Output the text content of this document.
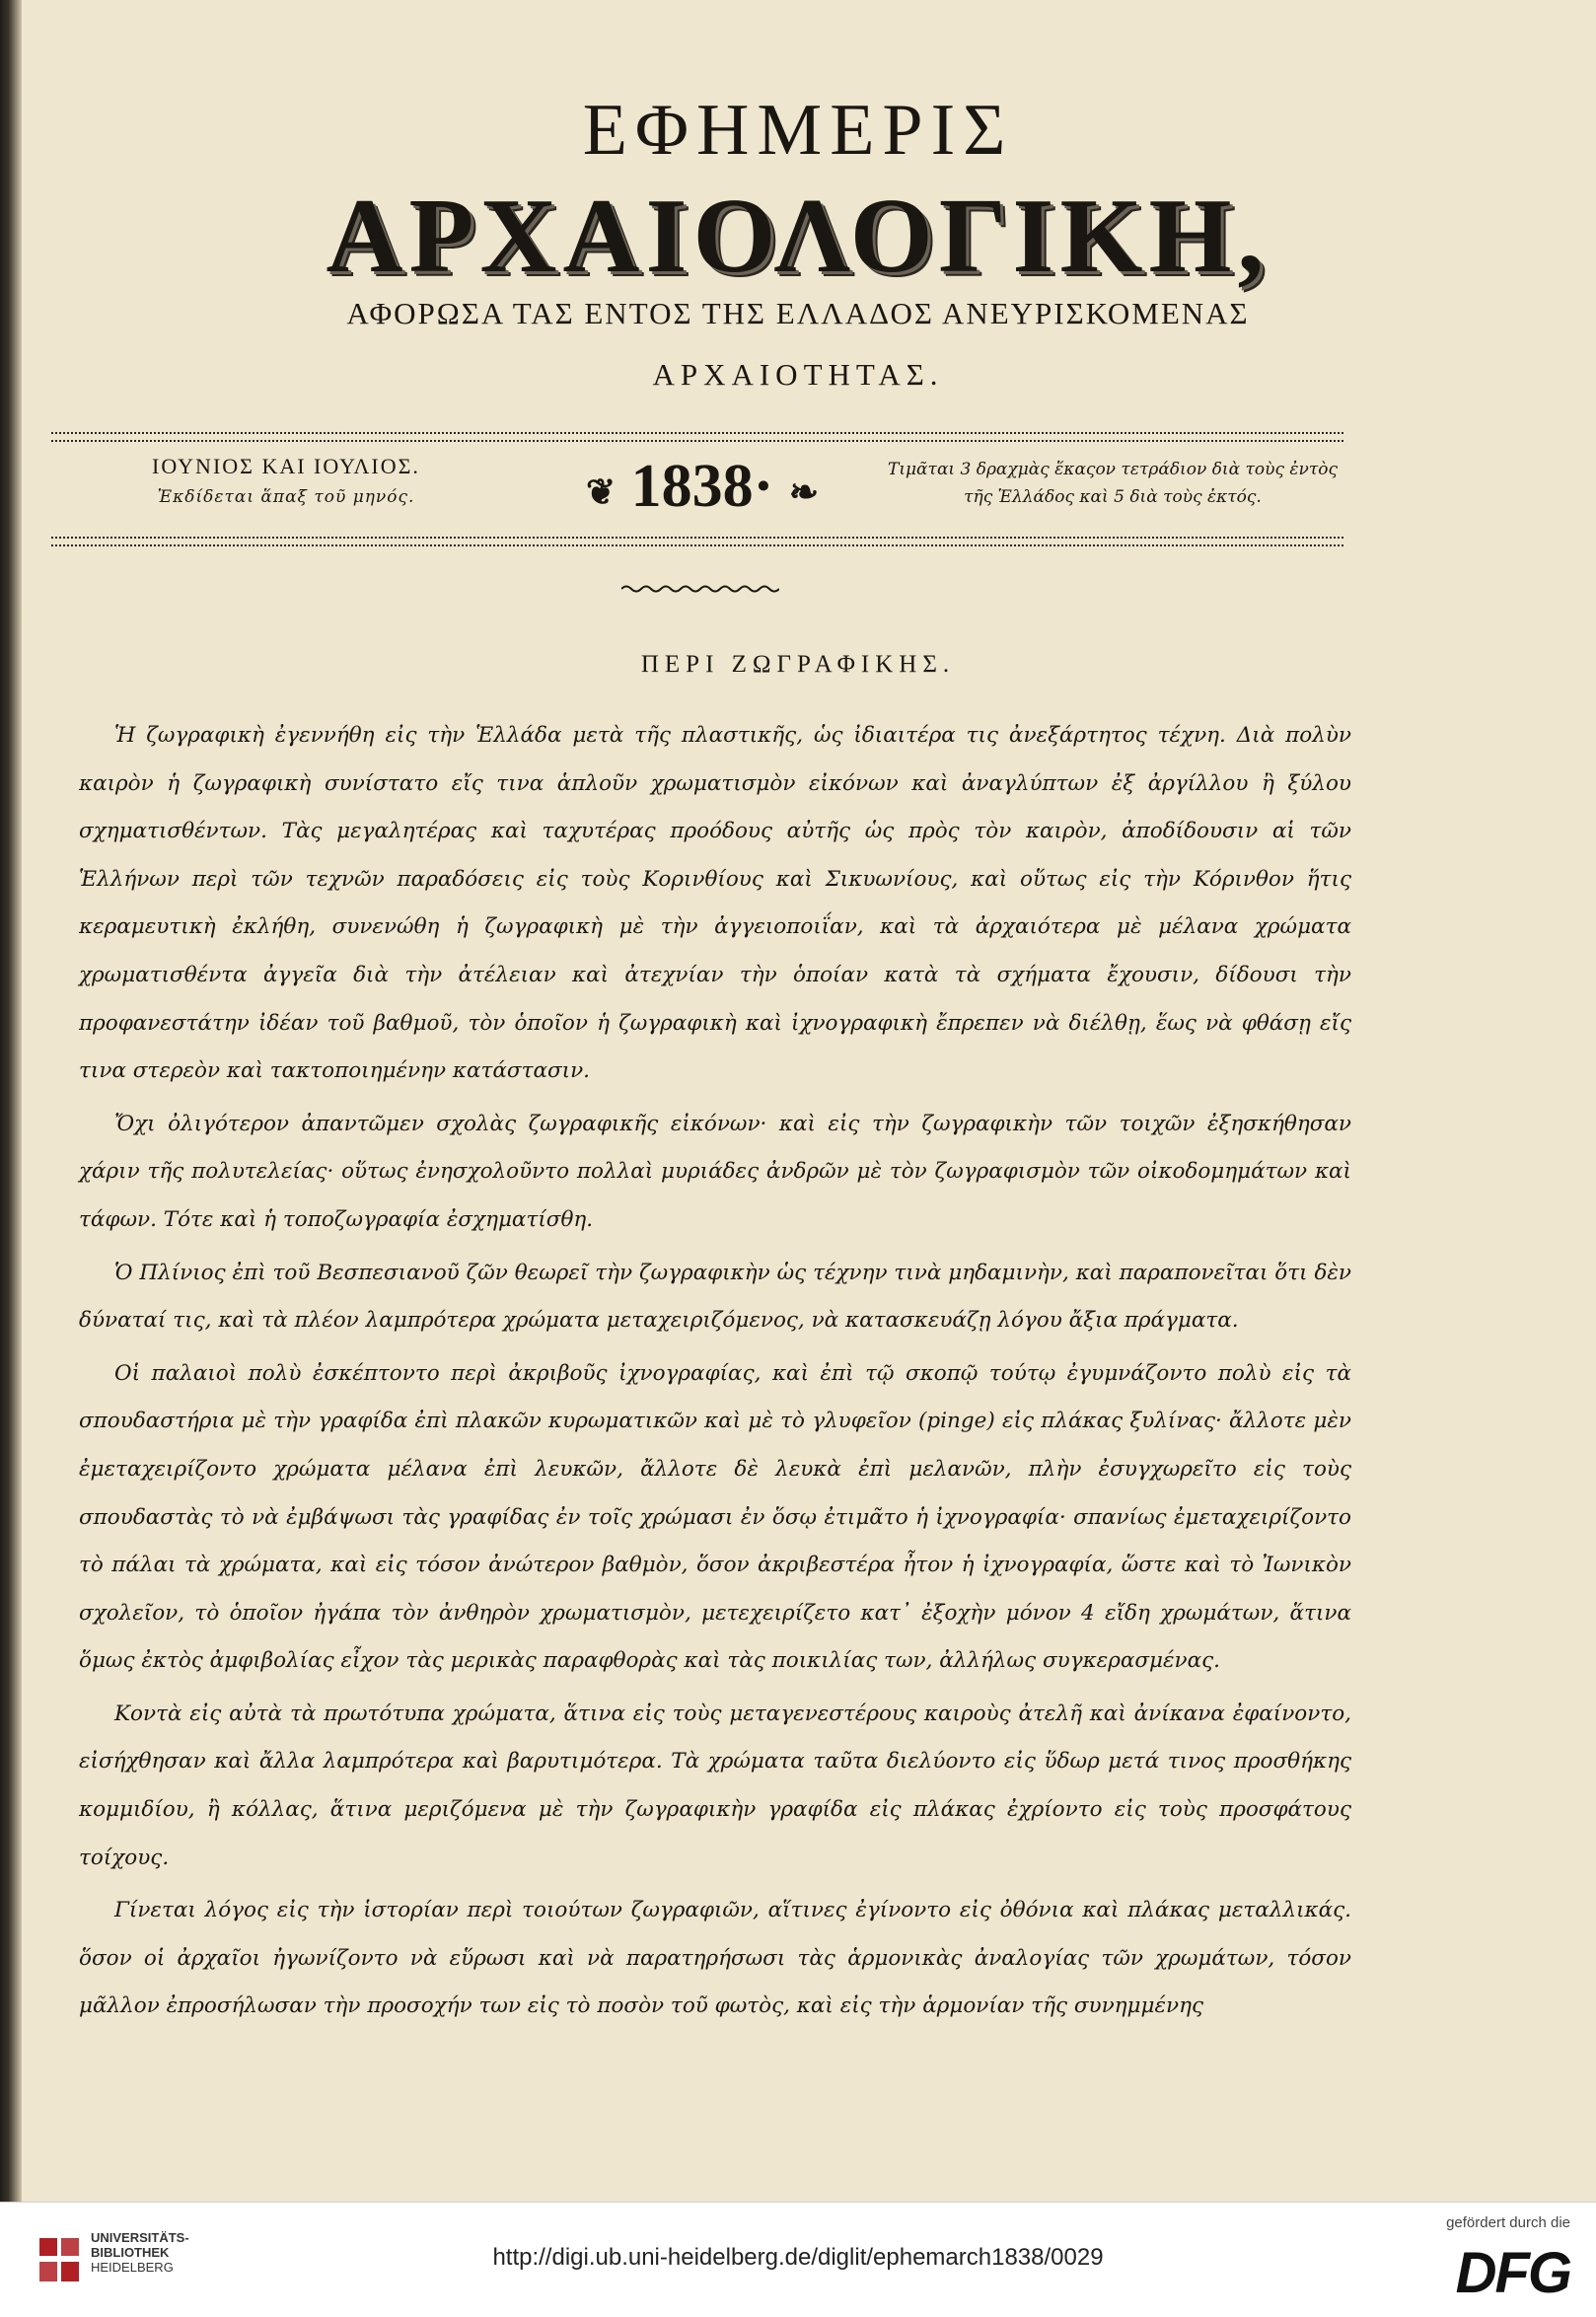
ΕΦΗΜΕΡΙΣ
ΑΡΧΑΙΟΛΟΓΙΚΗ,
ΑΦΟΡΩΣΑ ΤΑΣ ΕΝΤΟΣ ΤΗΣ ΕΛΛΑΔΟΣ ΑΝΕΥΡΙΣΚΟΜΕΝΑΣ
ΑΡΧΑΙΟΤΗΤΑΣ.
ΙΟΥΝΙΟΣ ΚΑΙ ΙΟΥΛΙΟΣ.
Ἐκδίδεται ἅπαξ τοῦ μηνός.	❦ 1838· ❧
Τιμᾶται 3 δραχμὰς ἕκαςον τετράδιον διὰ τοὺς ἐντὸς
τῆς Ἑλλάδος καὶ 5 διὰ τοὺς ἐκτός.
ΠΕΡΙ ΖΩΓΡΑΦΙΚΗΣ.

Ἡ ζωγραφικὴ ἐγεννήθη εἰς τὴν Ἑλλάδα μετὰ τῆς πλαστικῆς, ὡς ἰδιαιτέρα τις ἀνεξάρτητος τέχνη. Διὰ πολὺν καιρὸν ἡ ζωγραφικὴ συνίστατο εἴς τινα ἁπλοῦν χρωματισμὸν εἰκόνων καὶ ἀναγλύπτων ἐξ ἀργίλλου ἢ ξύλου σχηματισθέντων. Τὰς μεγαλητέρας καὶ ταχυτέρας προόδους αὐτῆς ὡς πρὸς τὸν καιρὸν, ἀποδίδουσιν αἱ τῶν Ἑλλήνων περὶ τῶν τεχνῶν παραδόσεις εἰς τοὺς Κορινθίους καὶ Σικυωνίους, καὶ οὕτως εἰς τὴν Κόρινθον ἥτις κεραμευτικὴ ἐκλήθη, συνενώθη ἡ ζωγραφικὴ μὲ τὴν ἀγγειοποιΐαν, καὶ τὰ ἀρχαιότερα μὲ μέλανα χρώματα χρωματισθέντα ἀγγεῖα διὰ τὴν ἀτέλειαν καὶ ἀτεχνίαν τὴν ὁποίαν κατὰ τὰ σχήματα ἔχουσιν, δίδουσι τὴν προφανεστάτην ἰδέαν τοῦ βαθμοῦ, τὸν ὁποῖον ἡ ζωγραφικὴ καὶ ἰχνογραφικὴ ἔπρεπεν νὰ διέλθῃ, ἕως νὰ φθάσῃ εἴς τινα στερεὸν καὶ τακτοποιημένην κατάστασιν.

Ὄχι ὀλιγότερον ἀπαντῶμεν σχολὰς ζωγραφικῆς εἰκόνων· καὶ εἰς τὴν ζωγραφικὴν τῶν τοιχῶν ἐξησκήθησαν χάριν τῆς πολυτελείας· οὕτως ἐνησχολοῦντο πολλαὶ μυριάδες ἀνδρῶν μὲ τὸν ζωγραφισμὸν τῶν οἰκοδομημάτων καὶ τάφων. Τότε καὶ ἡ τοποζωγραφία ἐσχηματίσθη.

Ὁ Πλίνιος ἐπὶ τοῦ Βεσπεσιανοῦ ζῶν θεωρεῖ τὴν ζωγραφικὴν ὡς τέχνην τινὰ μηδαμινὴν, καὶ παραπονεῖται ὅτι δὲν δύναταί τις, καὶ τὰ πλέον λαμπρότερα χρώματα μεταχειριζόμενος, νὰ κατασκευάζῃ λόγου ἄξια πράγματα.

Οἱ παλαιοὶ πολὺ ἐσκέπτοντο περὶ ἀκριβοῦς ἰχνογραφίας, καὶ ἐπὶ τῷ σκοπῷ τούτῳ ἐγυμνάζοντο πολὺ εἰς τὰ σπουδαστήρια μὲ τὴν γραφίδα ἐπὶ πλακῶν κυρωματικῶν καὶ μὲ τὸ γλυφεῖον (pinge) εἰς πλάκας ξυλίνας· ἄλλοτε μὲν ἐμεταχειρίζοντο χρώματα μέλανα ἐπὶ λευκῶν, ἄλλοτε δὲ λευκὰ ἐπὶ μελανῶν, πλὴν ἐσυγχωρεῖτο εἰς τοὺς σπουδαστὰς τὸ νὰ ἐμβάψωσι τὰς γραφίδας ἐν τοῖς χρώμασι ἐν ὅσῳ ἐτιμᾶτο ἡ ἰχνογραφία· σπανίως ἐμεταχειρίζοντο τὸ πάλαι τὰ χρώματα, καὶ εἰς τόσον ἀνώτερον βαθμὸν, ὅσον ἀκριβεστέρα ἦτον ἡ ἰχνογραφία, ὥστε καὶ τὸ Ἰωνικὸν σχολεῖον, τὸ ὁποῖον ἠγάπα τὸν ἀνθηρὸν χρωματισμὸν, μετεχειρίζετο κατ᾽ ἐξοχὴν μόνον 4 εἴδη χρωμάτων, ἅτινα ὅμως ἐκτὸς ἀμφιβολίας εἶχον τὰς μερικὰς παραφθορὰς καὶ τὰς ποικιλίας των, ἀλλήλως συγκερασμένας.

Κοντὰ εἰς αὐτὰ τὰ πρωτότυπα χρώματα, ἅτινα εἰς τοὺς μεταγενεστέρους καιροὺς ἀτελῆ καὶ ἀνίκανα ἐφαίνοντο, εἰσήχθησαν καὶ ἄλλα λαμπρότερα καὶ βαρυτιμότερα. Τὰ χρώματα ταῦτα διελύοντο εἰς ὕδωρ μετά τινος προσθήκης κομμιδίου, ἢ κόλλας, ἅτινα μεριζόμενα μὲ τὴν ζωγραφικὴν γραφίδα εἰς πλάκας ἐχρίοντο εἰς τοὺς προσφάτους τοίχους.

Γίνεται λόγος εἰς τὴν ἱστορίαν περὶ τοιούτων ζωγραφιῶν, αἵτινες ἐγίνοντο εἰς ὀθόνια καὶ πλάκας μεταλλικάς. ὅσον οἱ ἀρχαῖοι ἠγωνίζοντο νὰ εὕρωσι καὶ νὰ παρατηρήσωσι τὰς ἁρμονικὰς ἀναλογίας τῶν χρωμάτων, τόσον μᾶλλον ἐπροσήλωσαν τὴν προσοχήν των εἰς τὸ ποσὸν τοῦ φωτὸς, καὶ εἰς τὴν ἁρμονίαν τῆς συνημμένης

UNIVERSITÄTS-
BIBLIOTHEK
HEIDELBERG	http://digi.ub.uni-heidelberg.de/diglit/ephemarch1838/0029
gefördert durch die
DFG
